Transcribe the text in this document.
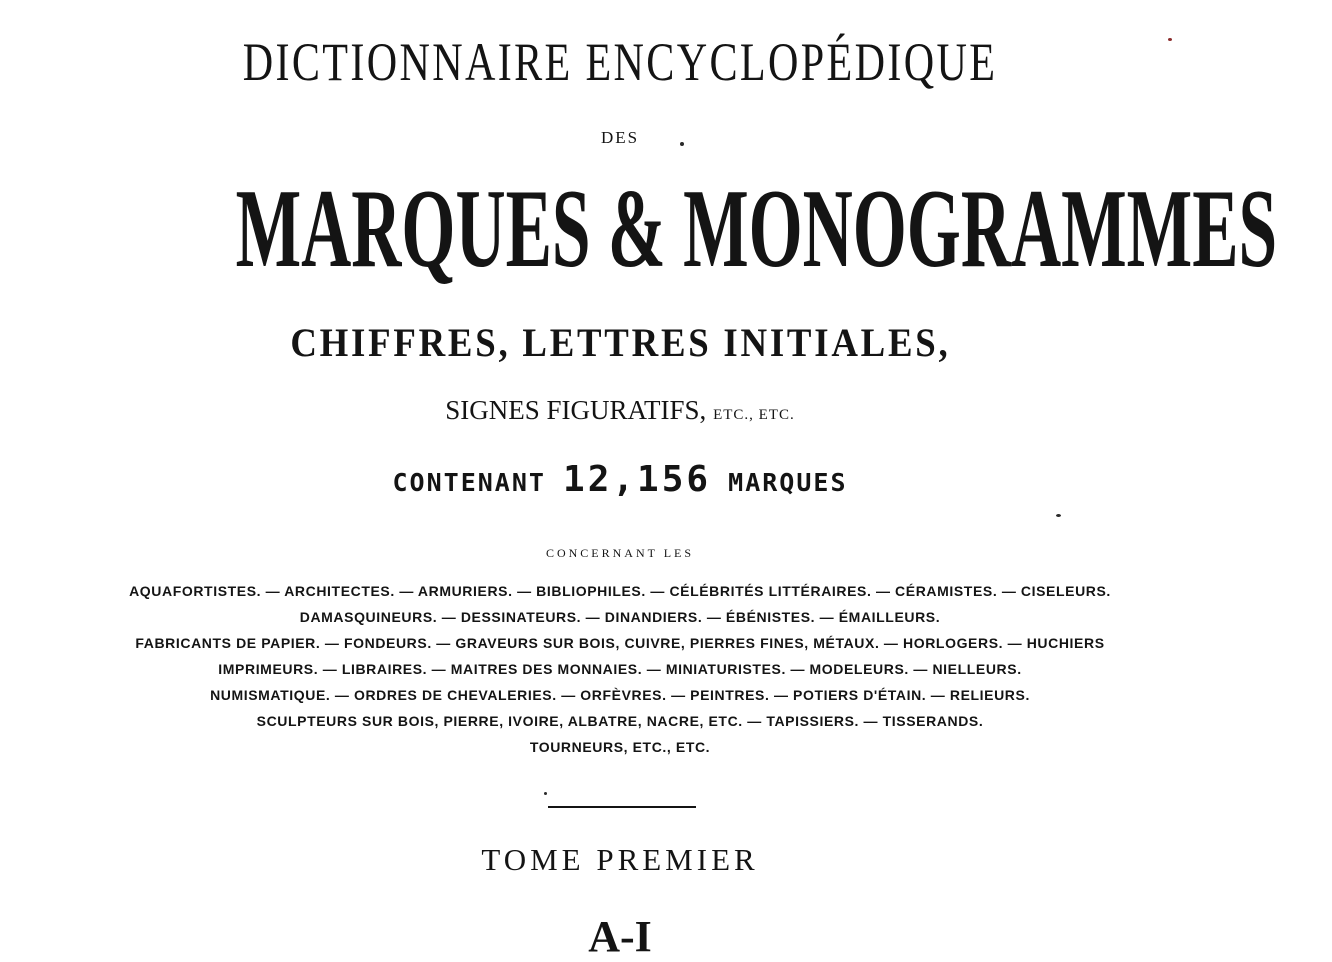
DICTIONNAIRE ENCYCLOPÉDIQUE
DES
MARQUES & MONOGRAMMES
CHIFFRES, LETTRES INITIALES,
SIGNES FIGURATIFS, ETC., ETC.
CONTENANT 12,156 MARQUES
CONCERNANT LES
AQUAFORTISTES. — ARCHITECTES. — ARMURIERS. — BIBLIOPHILES. — CÉLÉBRITÉS LITTÉRAIRES. — CÉRAMISTES. — CISELEURS.
DAMASQUINEURS. — DESSINATEURS. — DINANDIERS. — ÉBÉNISTES. — ÉMAILLEURS.
FABRICANTS DE PAPIER. — FONDEURS. — GRAVEURS SUR BOIS, CUIVRE, PIERRES FINES, MÉTAUX. — HORLOGERS. — HUCHIERS
IMPRIMEURS. — LIBRAIRES. — MAITRES DES MONNAIES. — MINIATURISTES. — MODELEURS. — NIELLEURS.
NUMISMATIQUE. — ORDRES DE CHEVALERIES. — ORFÈVRES. — PEINTRES. — POTIERS D'ÉTAIN. — RELIEURS.
SCULPTEURS SUR BOIS, PIERRE, IVOIRE, ALBATRE, NACRE, ETC. — TAPISSIERS. — TISSERANDS.
TOURNEURS, ETC., ETC.
TOME PREMIER
A-I
